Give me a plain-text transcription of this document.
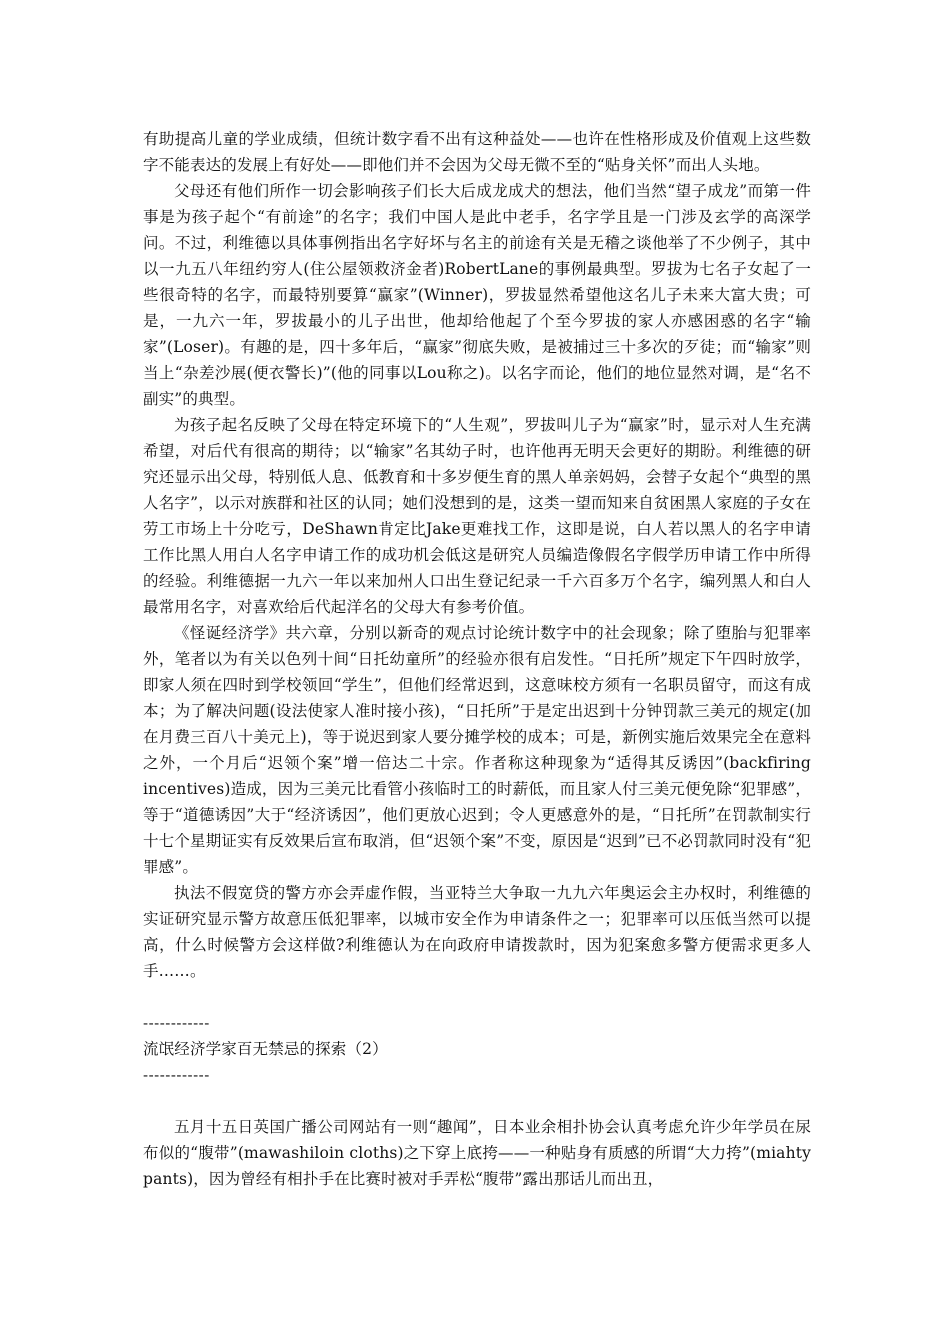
有助提高儿童的学业成绩，但统计数字看不出有这种益处——也许在性格形成及价值观上这些数字不能表达的发展上有好处——即他们并不会因为父母无微不至的“贴身关怀”而出人头地。

父母还有他们所作一切会影响孩子们长大后成龙成犬的想法，他们当然“望子成龙”而第一件事是为孩子起个“有前途”的名字；我们中国人是此中老手，名字学且是一门涉及玄学的高深学问。不过，利维德以具体事例指出名字好坏与名主的前途有关是无稽之谈他举了不少例子，其中以一九五八年纽约穷人(住公屋领救济金者)RobertLane的事例最典型。罗拔为七名子女起了一些很奇特的名字，而最特别要算“赢家”(Winner)，罗拔显然希望他这名儿子未来大富大贵；可是，一九六一年，罗拔最小的儿子出世，他却给他起了个至今罗拔的家人亦感困惑的名字“输家”(Loser)。有趣的是，四十多年后，“赢家”彻底失败，是被捕过三十多次的歹徒；而“输家”则当上“杂差沙展(便衣警长)”(他的同事以Lou称之)。以名字而论，他们的地位显然对调，是“名不副实”的典型。

为孩子起名反映了父母在特定环境下的“人生观”，罗拔叫儿子为“赢家”时，显示对人生充满希望，对后代有很高的期待；以“输家”名其幼子时，也许他再无明天会更好的期盼。利维德的研究还显示出父母，特别低人息、低教育和十多岁便生育的黑人单亲妈妈，会替子女起个“典型的黑人名字”，以示对族群和社区的认同；她们没想到的是，这类一望而知来自贫困黑人家庭的子女在劳工市场上十分吃亏，DeShawn肯定比Jake更难找工作，这即是说，白人若以黑人的名字申请工作比黑人用白人名字申请工作的成功机会低这是研究人员编造像假名字假学历申请工作中所得的经验。利维德据一九六一年以来加州人口出生登记纪录一千六百多万个名字，编列黑人和白人最常用名字，对喜欢给后代起洋名的父母大有参考价值。

《怪诞经济学》共六章，分别以新奇的观点讨论统计数字中的社会现象；除了堕胎与犯罪率外，笔者以为有关以色列十间“日托幼童所”的经验亦很有启发性。“日托所”规定下午四时放学，即家人须在四时到学校领回“学生”，但他们经常迟到，这意味校方须有一名职员留守，而这有成本；为了解决问题(设法使家人准时接小孩)，“日托所”于是定出迟到十分钟罚款三美元的规定(加在月费三百八十美元上)，等于说迟到家人要分摊学校的成本；可是，新例实施后效果完全在意料之外，一个月后“迟领个案”增一倍达二十宗。作者称这种现象为“适得其反诱因”(backfiring incentives)造成，因为三美元比看管小孩临时工的时薪低，而且家人付三美元便免除“犯罪感”，等于“道德诱因”大于“经济诱因”，他们更放心迟到；令人更感意外的是，“日托所”在罚款制实行十七个星期证实有反效果后宣布取消，但“迟领个案”不变，原因是“迟到”已不必罚款同时没有“犯罪感”。

执法不假宽贷的警方亦会弄虚作假，当亚特兰大争取一九九六年奥运会主办权时，利维德的实证研究显示警方故意压低犯罪率，以城市安全作为申请条件之一；犯罪率可以压低当然可以提高，什么时候警方会这样做?利维德认为在向政府申请拨款时，因为犯案愈多警方便需求更多人手……。

------------

流氓经济学家百无禁忌的探索（2）

------------

五月十五日英国广播公司网站有一则“趣闻”，日本业余相扑协会认真考虑允许少年学员在尿布似的“腹带”(mawashiloin cloths)之下穿上底挎——一种贴身有质感的所谓“大力挎”(miahty pants)，因为曾经有相扑手在比赛时被对手弄松“腹带”露出那话儿而出丑，
